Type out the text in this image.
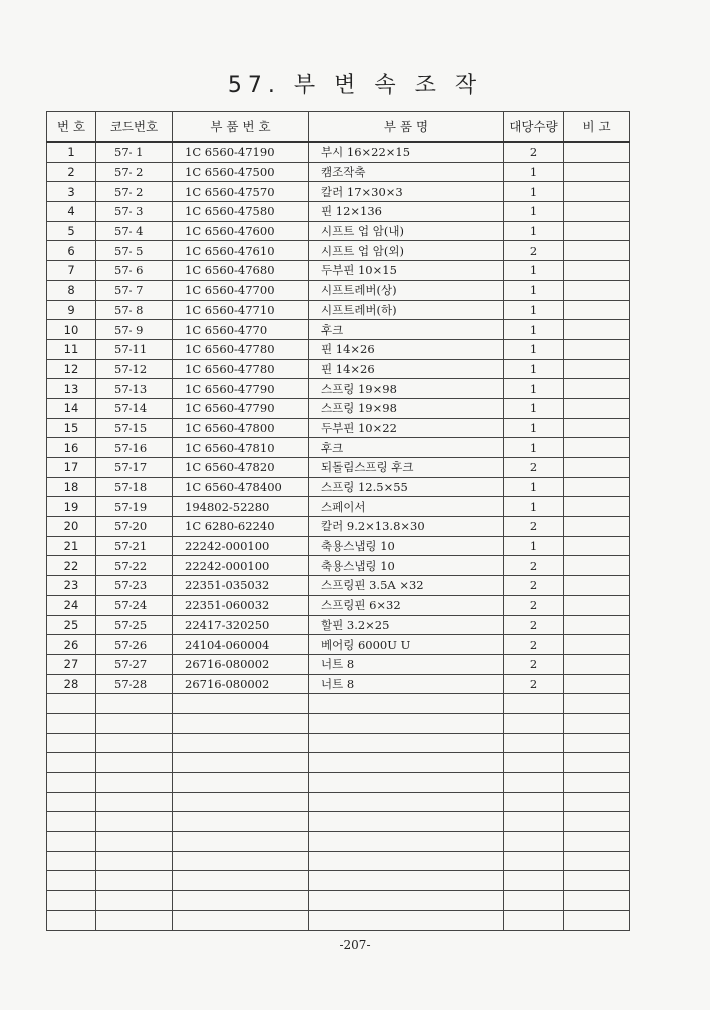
57. 부 변 속 조 작
번 호	코드번호	부 품 번 호	부 품 명	대당수량	비 고
1	57- 1	1C 6560-47190	부시 16×22×15	2	
2	57- 2	1C 6560-47500	캠조작축	1	
3	57- 2	1C 6560-47570	칼러 17×30×3	1	
4	57- 3	1C 6560-47580	핀 12×136	1	
5	57- 4	1C 6560-47600	시프트 업 암(내)	1	
6	57- 5	1C 6560-47610	시프트 업 암(외)	2	
7	57- 6	1C 6560-47680	두부핀 10×15	1	
8	57- 7	1C 6560-47700	시프트레버(상)	1	
9	57- 8	1C 6560-47710	시프트레버(하)	1	
10	57- 9	1C 6560-4770	후크	1	
11	57-11	1C 6560-47780	핀 14×26	1	
12	57-12	1C 6560-47780	핀 14×26	1	
13	57-13	1C 6560-47790	스프링 19×98	1	
14	57-14	1C 6560-47790	스프링 19×98	1	
15	57-15	1C 6560-47800	두부핀 10×22	1	
16	57-16	1C 6560-47810	후크	1	
17	57-17	1C 6560-47820	되돌림스프링 후크	2	
18	57-18	1C 6560-478400	스프링 12.5×55	1	
19	57-19	194802-52280	스페이서	1	
20	57-20	1C 6280-62240	칼러 9.2×13.8×30	2	
21	57-21	22242-000100	축용스냅링 10	1	
22	57-22	22242-000100	축용스냅링 10	2	
23	57-23	22351-035032	스프링핀 3.5A ×32	2	
24	57-24	22351-060032	스프링핀 6×32	2	
25	57-25	22417-320250	할핀 3.2×25	2	
26	57-26	24104-060004	베어링 6000U U	2	
27	57-27	26716-080002	너트 8	2	
28	57-28	26716-080002	너트 8	2	

-207-
